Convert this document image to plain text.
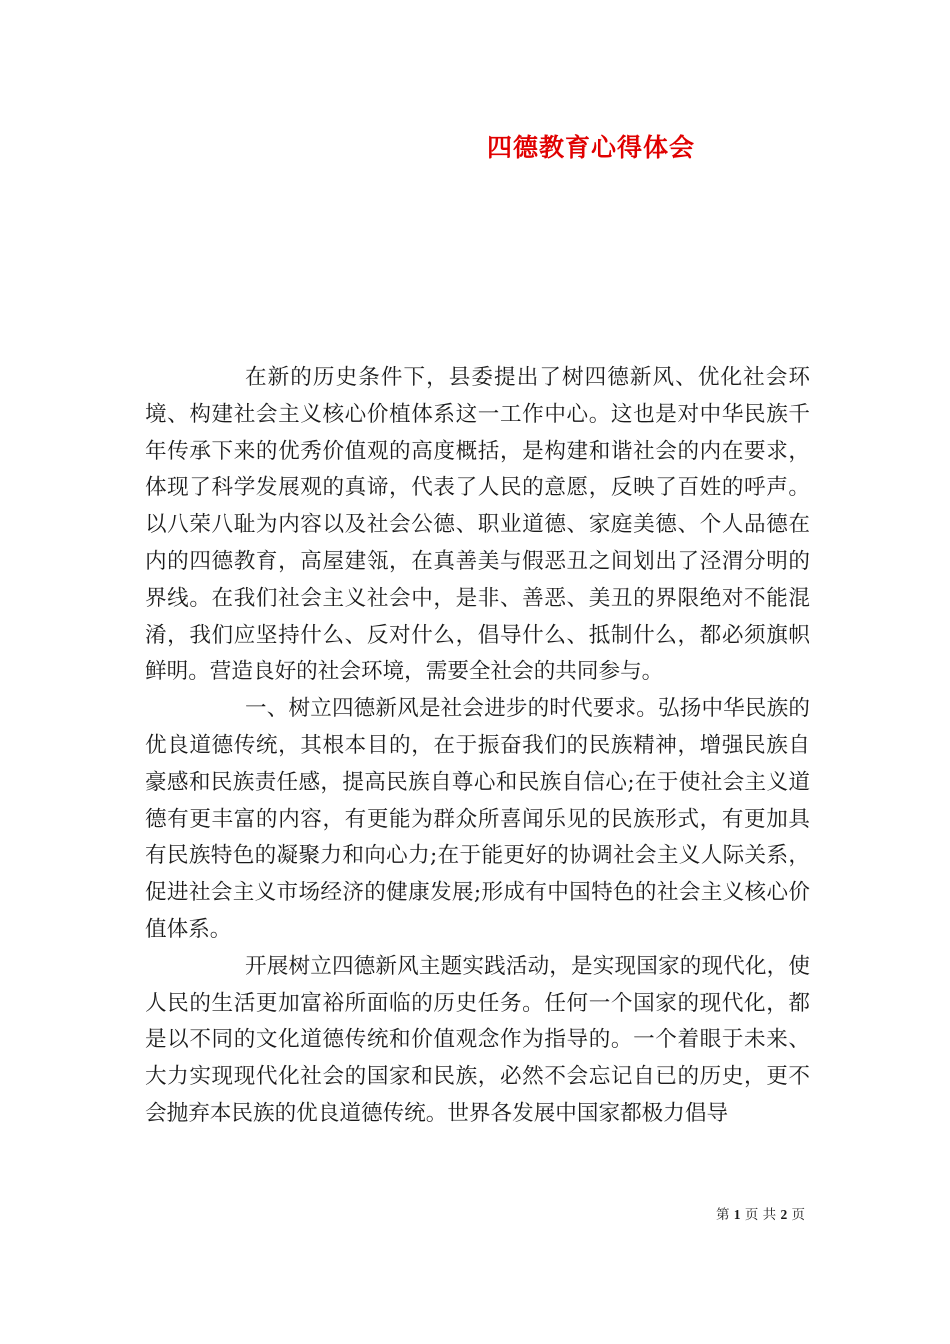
四德教育心得体会

在新的历史条件下，县委提出了树四德新风、优化社会环境、构建社会主义核心价植体系这一工作中心。这也是对中华民族千年传承下来的优秀价值观的高度概括，是构建和谐社会的内在要求，体现了科学发展观的真谛，代表了人民的意愿，反映了百姓的呼声。以八荣八耻为内容以及社会公德、职业道德、家庭美德、个人品德在内的四德教育，高屋建瓴，在真善美与假恶丑之间划出了泾渭分明的界线。在我们社会主义社会中，是非、善恶、美丑的界限绝对不能混淆，我们应坚持什么、反对什么，倡导什么、抵制什么，都必须旗帜鲜明。营造良好的社会环境，需要全社会的共同参与。

一、树立四德新风是社会进步的时代要求。弘扬中华民族的优良道德传统，其根本目的，在于振奋我们的民族精神，增强民族自豪感和民族责任感，提高民族自尊心和民族自信心;在于使社会主义道德有更丰富的内容，有更能为群众所喜闻乐见的民族形式，有更加具有民族特色的凝聚力和向心力;在于能更好的协调社会主义人际关系，促进社会主义市场经济的健康发展;形成有中国特色的社会主义核心价值体系。

开展树立四德新风主题实践活动，是实现国家的现代化，使人民的生活更加富裕所面临的历史任务。任何一个国家的现代化，都是以不同的文化道德传统和价值观念作为指导的。一个着眼于未来、大力实现现代化社会的国家和民族，必然不会忘记自已的历史，更不会抛弃本民族的优良道德传统。世界各发展中国家都极力倡导

第 1 页 共 2 页
